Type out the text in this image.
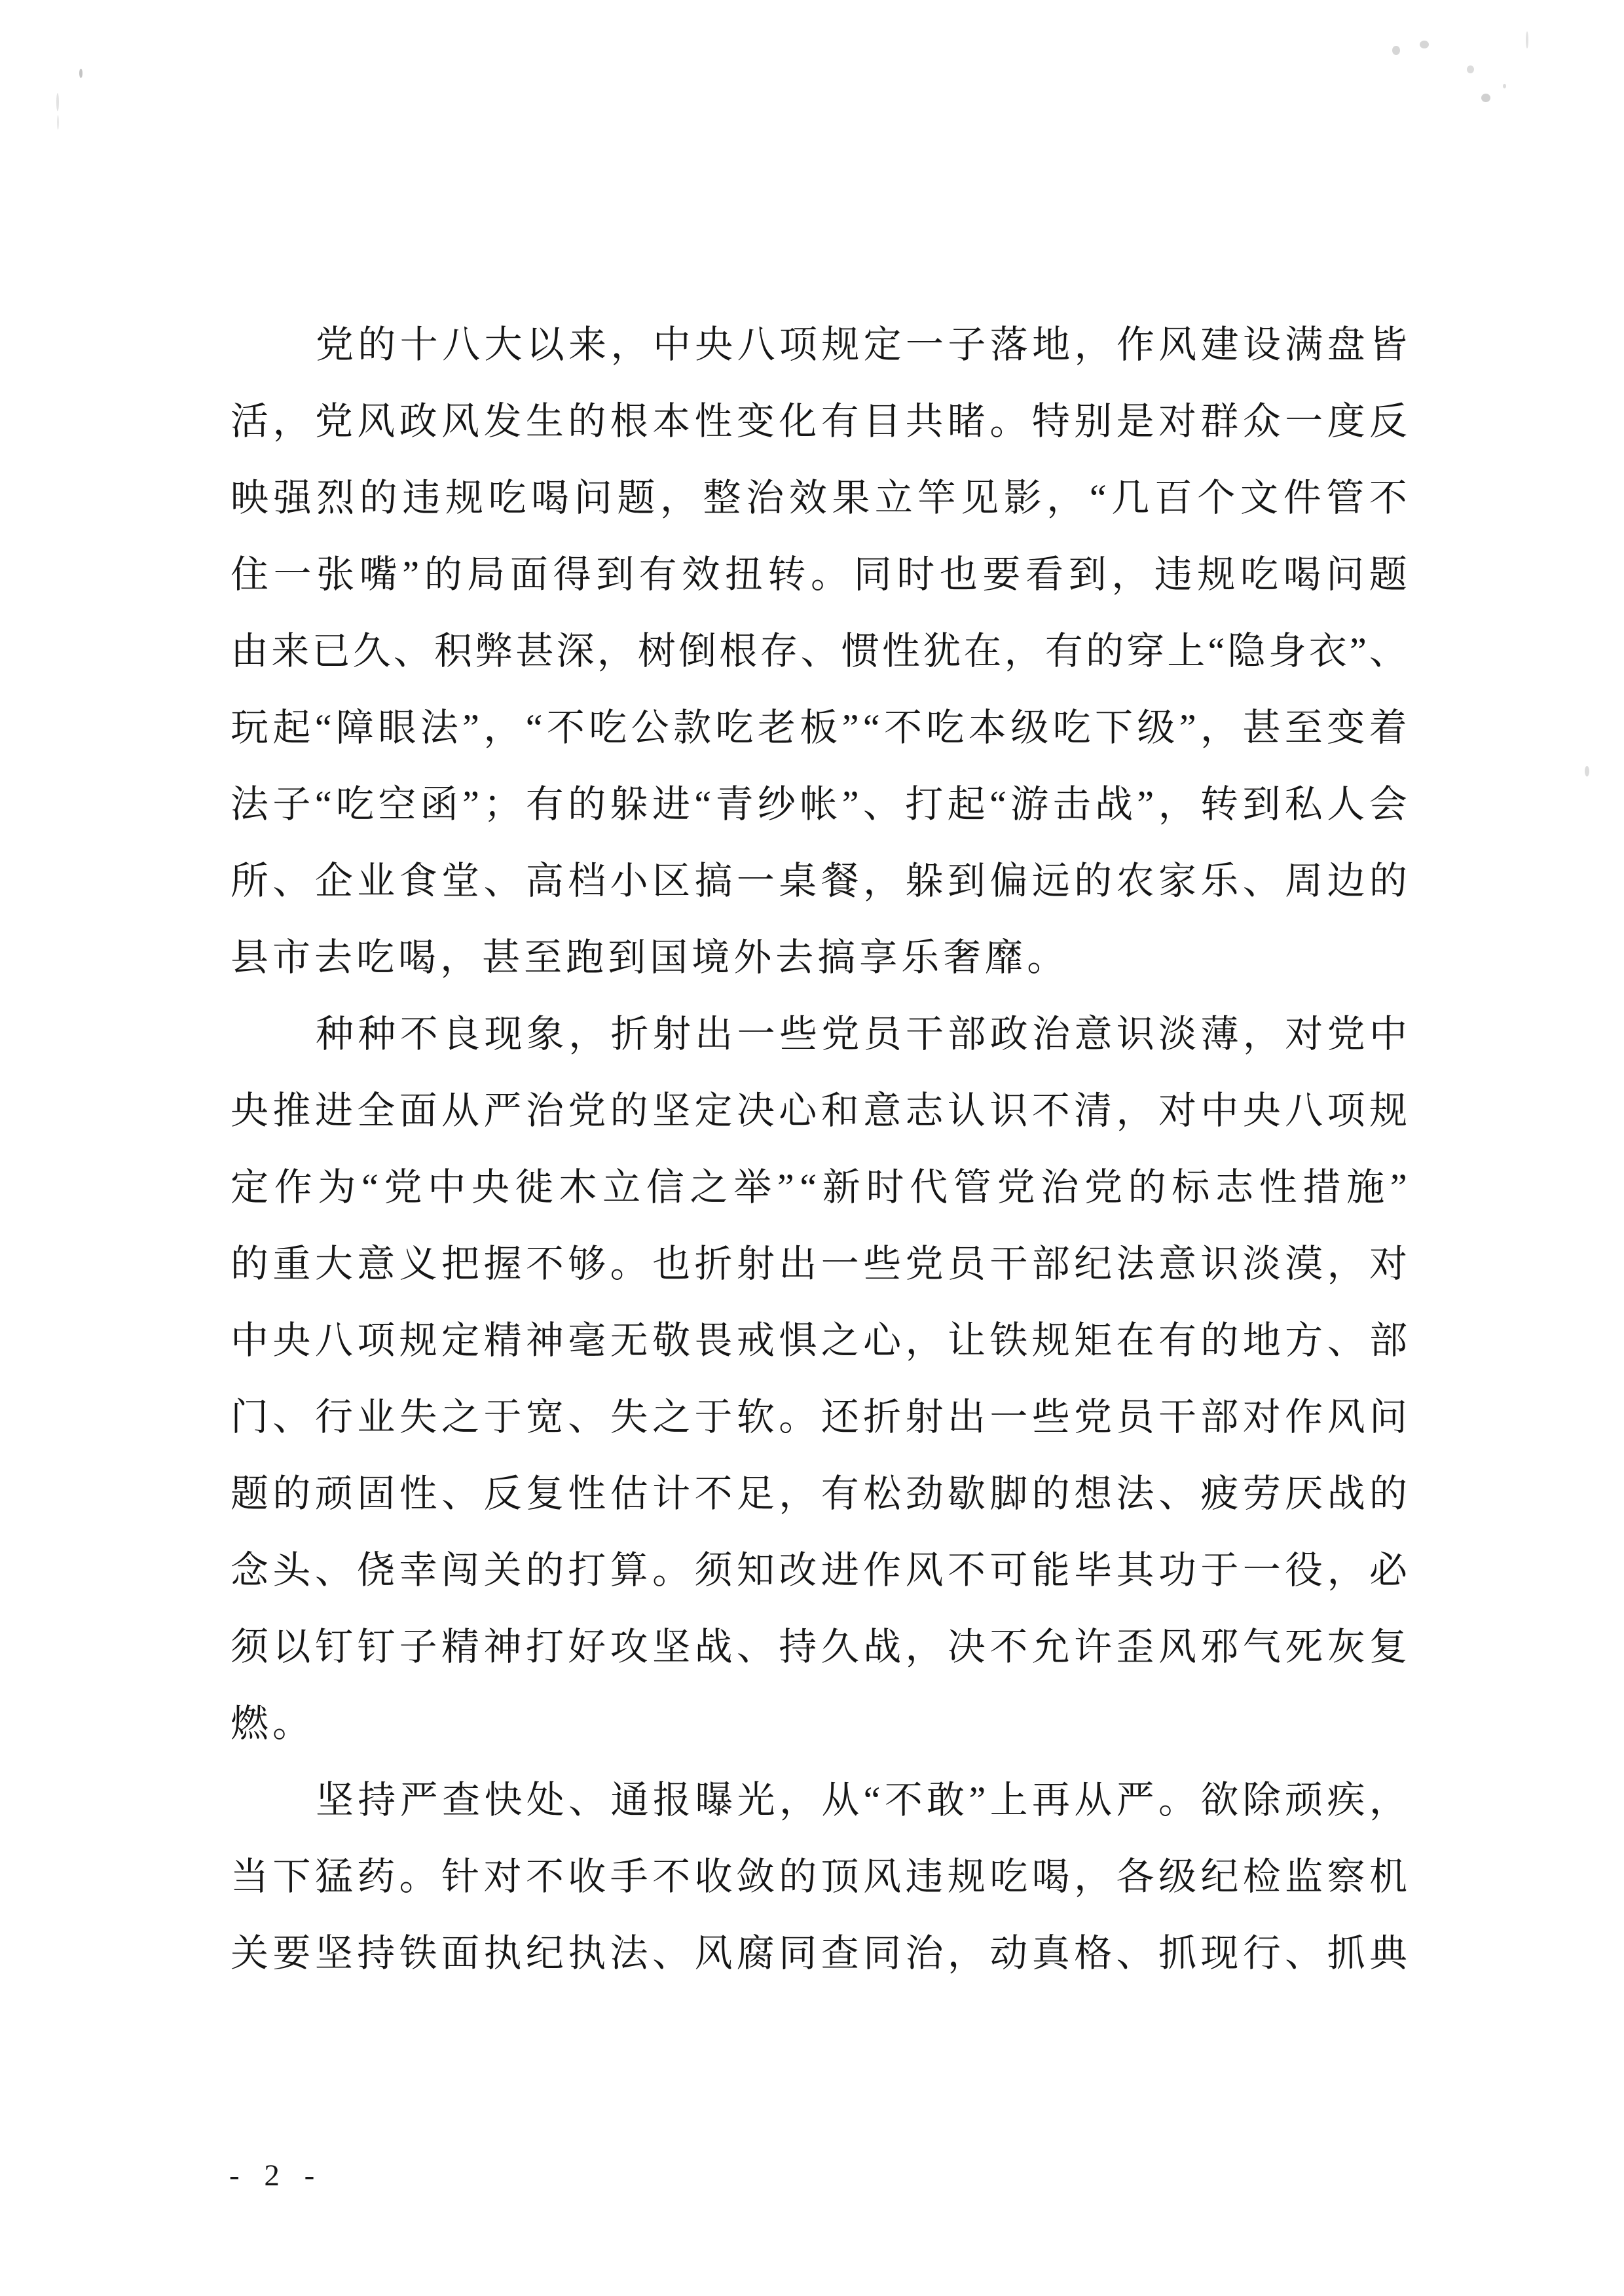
党 的 十 八 大 以 来 ， 中 央 八 项 规 定 一 子 落 地 ， 作 风 建 设 满 盘 皆
活 ， 党 风 政 风 发 生 的 根 本 性 变 化 有 目 共 睹 。 特 别 是 对 群 众 一 度 反
映 强 烈 的 违 规 吃 喝 问 题 ， 整 治 效 果 立 竿 见 影 ， “ 几 百 个 文 件 管 不
住 一 张 嘴 ” 的 局 面 得 到 有 效 扭 转 。 同 时 也 要 看 到 ， 违 规 吃 喝 问 题
由 来 已 久 、 积 弊 甚 深 ， 树 倒 根 存 、 惯 性 犹 在 ， 有 的 穿 上 “ 隐 身 衣 ” 、
玩 起 “ 障 眼 法 ” ， “ 不 吃 公 款 吃 老 板 ” “ 不 吃 本 级 吃 下 级 ” ， 甚 至 变 着
法 子 “ 吃 空 函 ” ； 有 的 躲 进 “ 青 纱 帐 ” 、 打 起 “ 游 击 战 ” ， 转 到 私 人 会
所 、 企 业 食 堂 、 高 档 小 区 搞 一 桌 餐 ， 躲 到 偏 远 的 农 家 乐 、 周 边 的
县 市 去 吃 喝 ， 甚 至 跑 到 国 境 外 去 搞 享 乐 奢 靡 。
种 种 不 良 现 象 ， 折 射 出 一 些 党 员 干 部 政 治 意 识 淡 薄 ， 对 党 中
央 推 进 全 面 从 严 治 党 的 坚 定 决 心 和 意 志 认 识 不 清 ， 对 中 央 八 项 规
定 作 为 “ 党 中 央 徙 木 立 信 之 举 ” “ 新 时 代 管 党 治 党 的 标 志 性 措 施 ”
的 重 大 意 义 把 握 不 够 。 也 折 射 出 一 些 党 员 干 部 纪 法 意 识 淡 漠 ， 对
中 央 八 项 规 定 精 神 毫 无 敬 畏 戒 惧 之 心 ， 让 铁 规 矩 在 有 的 地 方 、 部
门 、 行 业 失 之 于 宽 、 失 之 于 软 。 还 折 射 出 一 些 党 员 干 部 对 作 风 问
题 的 顽 固 性 、 反 复 性 估 计 不 足 ， 有 松 劲 歇 脚 的 想 法 、 疲 劳 厌 战 的
念 头 、 侥 幸 闯 关 的 打 算 。 须 知 改 进 作 风 不 可 能 毕 其 功 于 一 役 ， 必
须 以 钉 钉 子 精 神 打 好 攻 坚 战 、 持 久 战 ， 决 不 允 许 歪 风 邪 气 死 灰 复
燃 。
坚 持 严 查 快 处 、 通 报 曝 光 ， 从 “ 不 敢 ” 上 再 从 严 。 欲 除 顽 疾 ，
当 下 猛 药 。 针 对 不 收 手 不 收 敛 的 顶 风 违 规 吃 喝 ， 各 级 纪 检 监 察 机
关 要 坚 持 铁 面 执 纪 执 法 、 风 腐 同 查 同 治 ， 动 真 格 、 抓 现 行 、 抓 典
- 2 -
